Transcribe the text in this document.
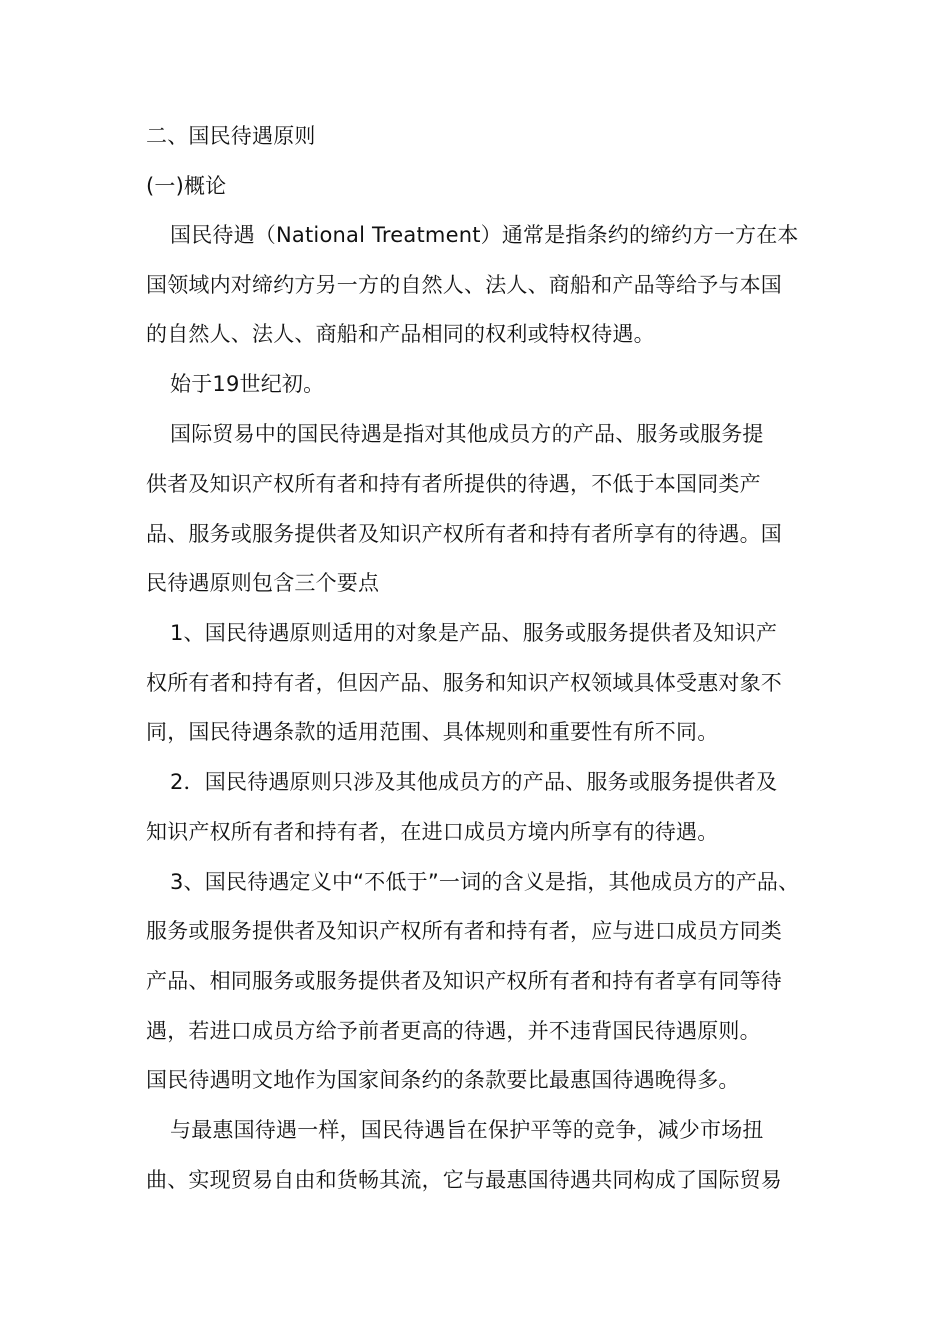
二、国民待遇原则
(一)概论
国民待遇（National Treatment）通常是指条约的缔约方一方在本
国领域内对缔约方另一方的自然人、法人、商船和产品等给予与本国
的自然人、法人、商船和产品相同的权利或特权待遇。
始于19世纪初。
国际贸易中的国民待遇是指对其他成员方的产品、服务或服务提
供者及知识产权所有者和持有者所提供的待遇，不低于本国同类产
品、服务或服务提供者及知识产权所有者和持有者所享有的待遇。国
民待遇原则包含三个要点
1、国民待遇原则适用的对象是产品、服务或服务提供者及知识产
权所有者和持有者，但因产品、服务和知识产权领域具体受惠对象不
同，国民待遇条款的适用范围、具体规则和重要性有所不同。
2．国民待遇原则只涉及其他成员方的产品、服务或服务提供者及
知识产权所有者和持有者，在进口成员方境内所享有的待遇。
3、国民待遇定义中“不低于”一词的含义是指，其他成员方的产品、
服务或服务提供者及知识产权所有者和持有者，应与进口成员方同类
产品、相同服务或服务提供者及知识产权所有者和持有者享有同等待
遇，若进口成员方给予前者更高的待遇，并不违背国民待遇原则。
国民待遇明文地作为国家间条约的条款要比最惠国待遇晚得多。
与最惠国待遇一样，国民待遇旨在保护平等的竞争，减少市场扭
曲、实现贸易自由和货畅其流，它与最惠国待遇共同构成了国际贸易
